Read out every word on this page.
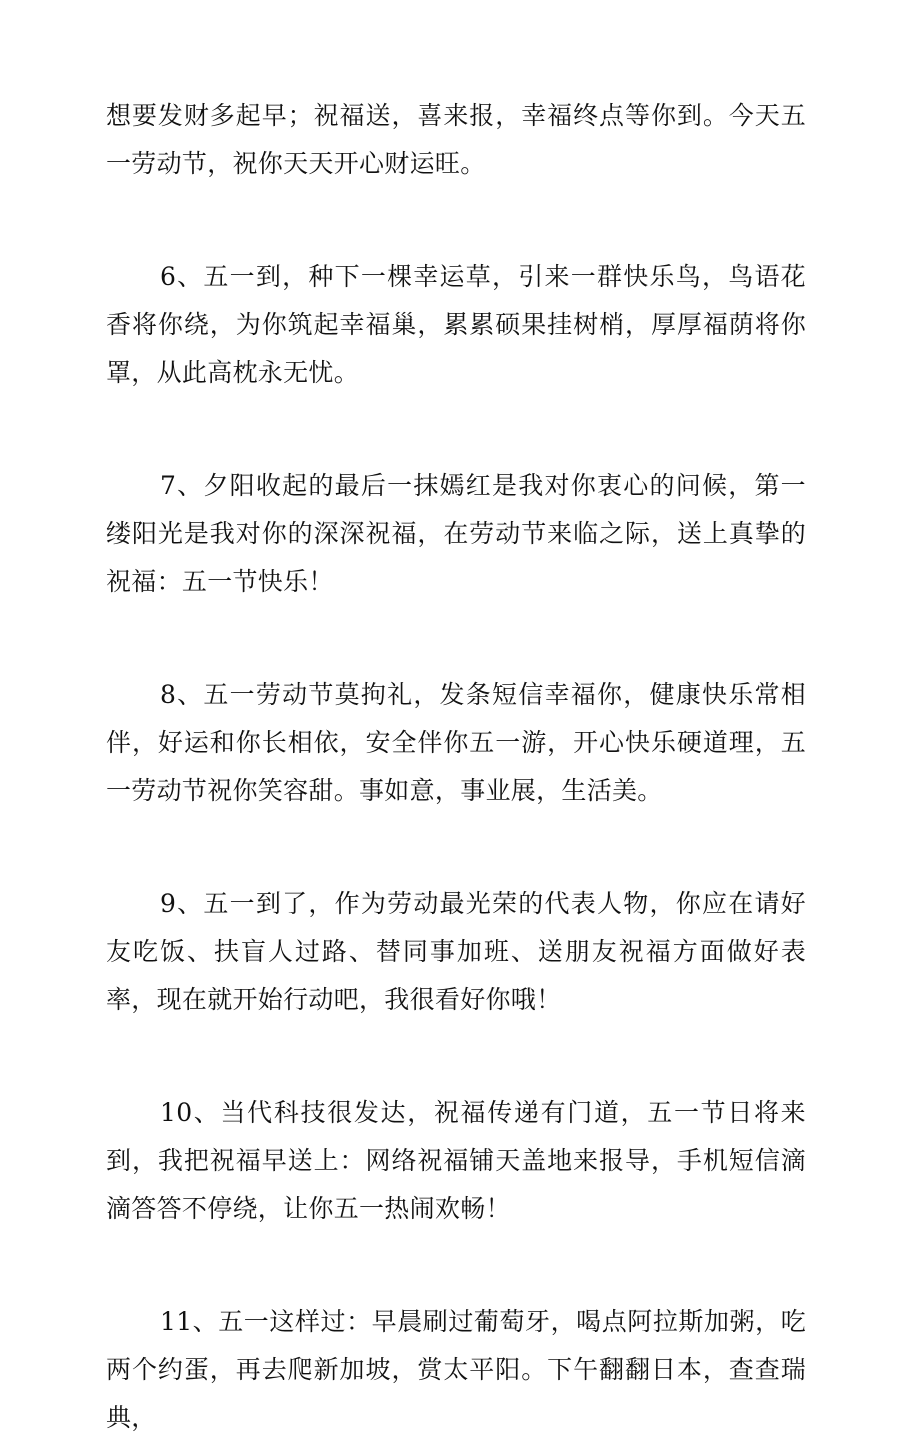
想要发财多起早；祝福送，喜来报，幸福终点等你到。今天五一劳动节，祝你天天开心财运旺。

6、五一到，种下一棵幸运草，引来一群快乐鸟，鸟语花香将你绕，为你筑起幸福巢，累累硕果挂树梢，厚厚福荫将你罩，从此高枕永无忧。

7、夕阳收起的最后一抹嫣红是我对你衷心的问候，第一缕阳光是我对你的深深祝福，在劳动节来临之际，送上真挚的祝福：五一节快乐！

8、五一劳动节莫拘礼，发条短信幸福你，健康快乐常相伴，好运和你长相依，安全伴你五一游，开心快乐硬道理，五一劳动节祝你笑容甜。事如意，事业展，生活美。

9、五一到了，作为劳动最光荣的代表人物，你应在请好友吃饭、扶盲人过路、替同事加班、送朋友祝福方面做好表率，现在就开始行动吧，我很看好你哦！

10、当代科技很发达，祝福传递有门道，五一节日将来到，我把祝福早送上：网络祝福铺天盖地来报导，手机短信滴滴答答不停绕，让你五一热闹欢畅！

11、五一这样过：早晨刷过葡萄牙，喝点阿拉斯加粥，吃两个约蛋，再去爬新加坡，赏太平阳。下午翻翻日本，查查瑞典，
